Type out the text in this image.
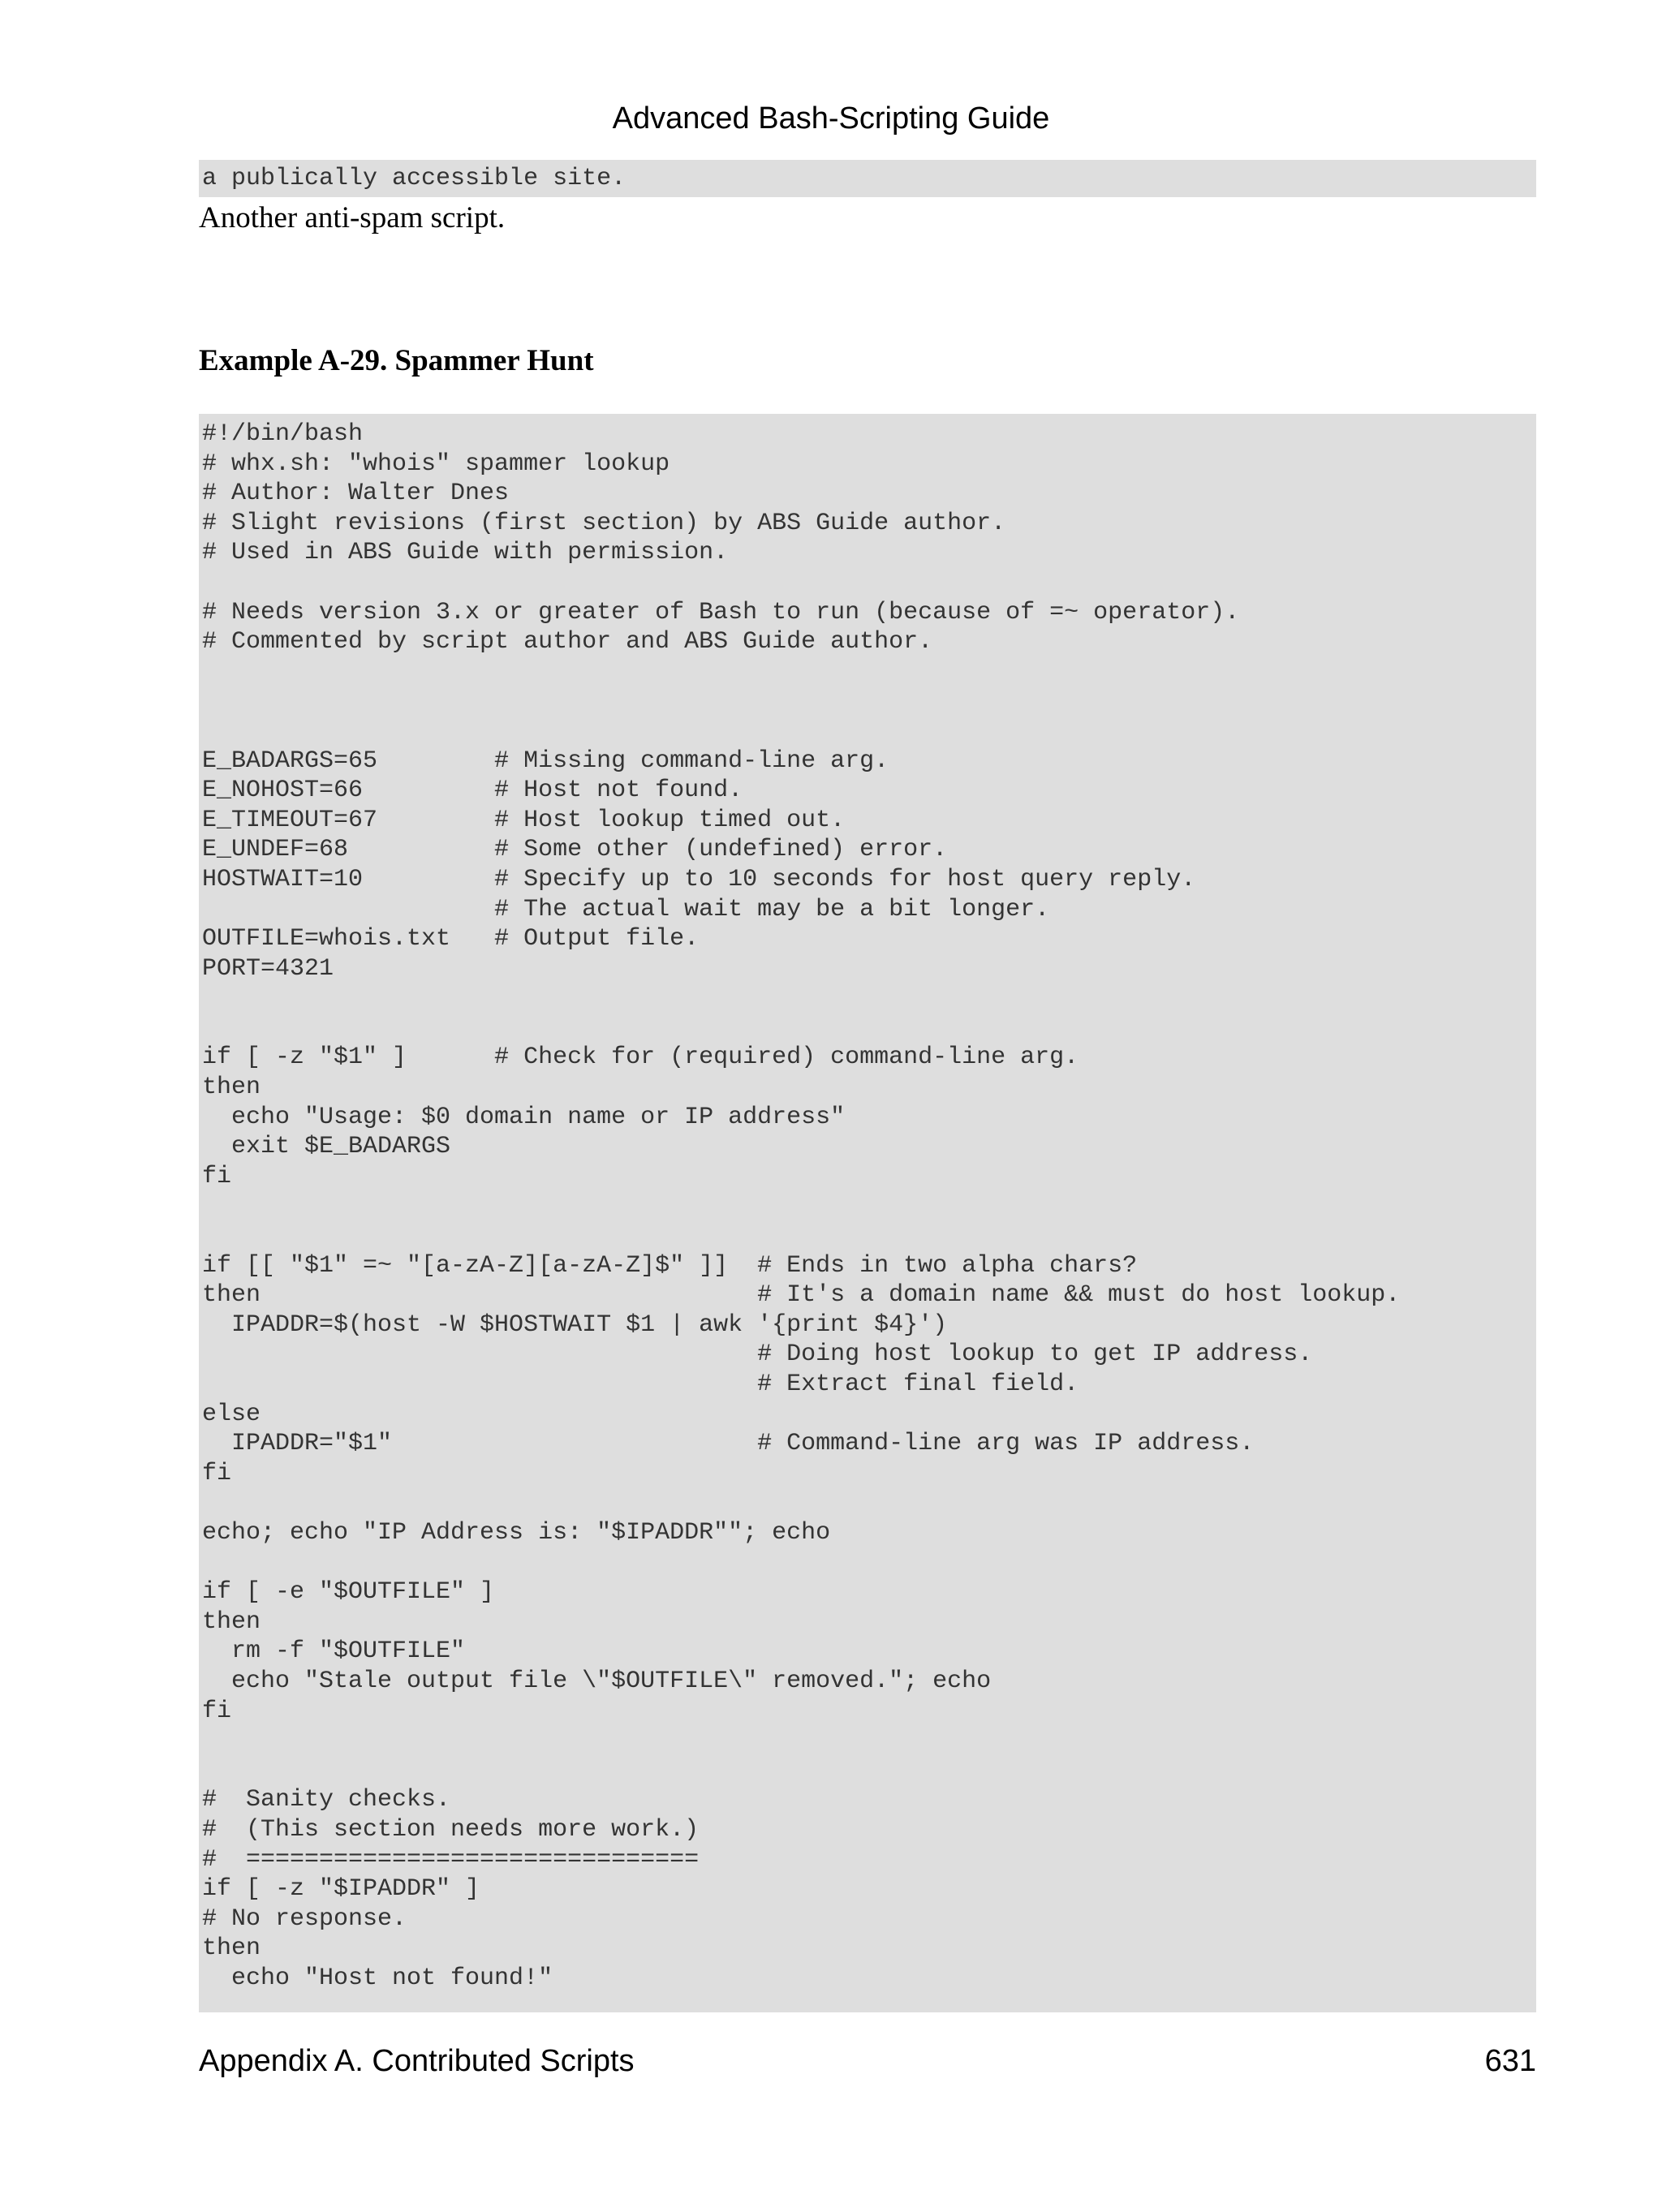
Advanced Bash-Scripting Guide
a publically accessible site.
Another anti-spam script.
Example A-29. Spammer Hunt
#!/bin/bash
# whx.sh: "whois" spammer lookup
# Author: Walter Dnes
# Slight revisions (first section) by ABS Guide author.
# Used in ABS Guide with permission.

# Needs version 3.x or greater of Bash to run (because of =~ operator).
# Commented by script author and ABS Guide author.

E_BADARGS=65        # Missing command-line arg.
E_NOHOST=66         # Host not found.
E_TIMEOUT=67        # Host lookup timed out.
E_UNDEF=68          # Some other (undefined) error.
HOSTWAIT=10         # Specify up to 10 seconds for host query reply.
# The actual wait may be a bit longer.
OUTFILE=whois.txt   # Output file.
PORT=4321

if [ -z "$1" ]      # Check for (required) command-line arg.
then
echo "Usage: $0 domain name or IP address"
exit $E_BADARGS
fi

if [[ "$1" =~ "[a-zA-Z][a-zA-Z]$" ]]  # Ends in two alpha chars?
then                                  # It's a domain name && must do host lookup.
IPADDR=$(host -W $HOSTWAIT $1 | awk '{print $4}')
# Doing host lookup to get IP address.
# Extract final field.
else
IPADDR="$1"                         # Command-line arg was IP address.
fi

echo; echo "IP Address is: "$IPADDR""; echo

if [ -e "$OUTFILE" ]
then
rm -f "$OUTFILE"
echo "Stale output file \"$OUTFILE\" removed."; echo
fi

#  Sanity checks.
#  (This section needs more work.)
#  ===============================
if [ -z "$IPADDR" ]
# No response.
then
echo "Host not found!"
Appendix A. Contributed Scripts	631
